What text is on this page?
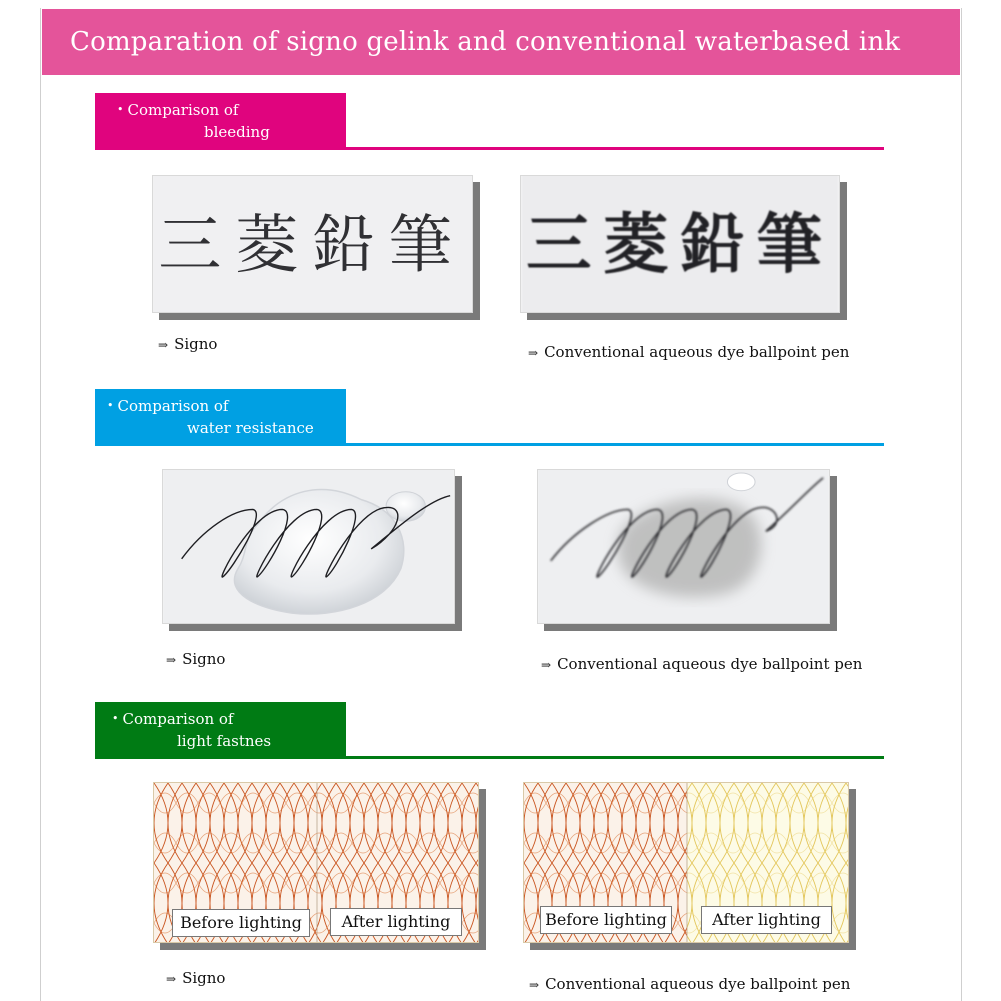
Comparation of signo gelink and conventional waterbased ink
• Comparison of
bleeding
三菱鉛筆 三菱鉛筆
⇒ Signo	⇒ Conventional aqueous dye ballpoint pen
• Comparison of
water resistance
⇒ Signo	⇒ Conventional aqueous dye ballpoint pen
• Comparison of
light fastnes
Before lighting	After lighting	Before lighting	After lighting
⇒ Signo	⇒ Conventional aqueous dye ballpoint pen
